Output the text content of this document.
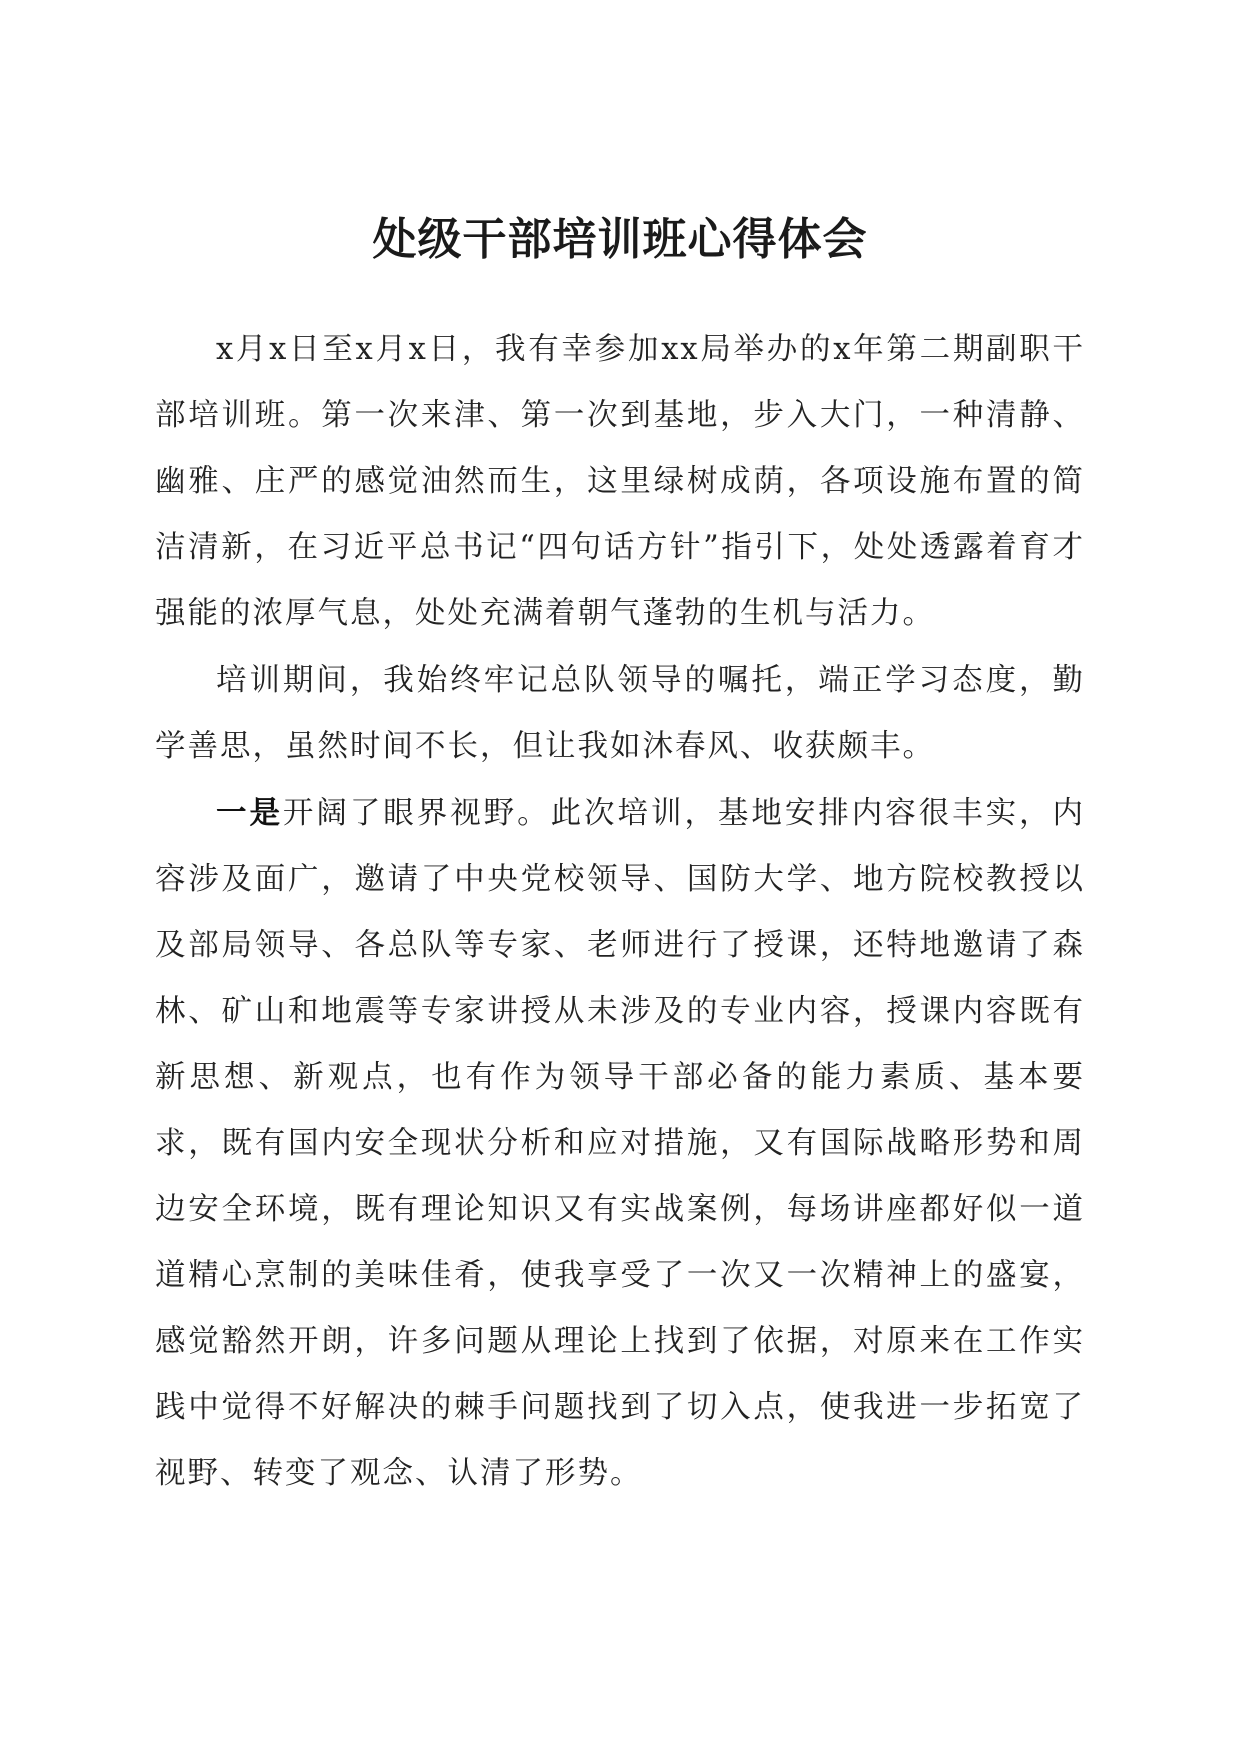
处级干部培训班心得体会

x月x日至x月x日，我有幸参加xx局举办的x年第二期副职干部培训班。第一次来津、第一次到基地，步入大门，一种清静、幽雅、庄严的感觉油然而生，这里绿树成荫，各项设施布置的简洁清新，在习近平总书记“四句话方针”指引下，处处透露着育才强能的浓厚气息，处处充满着朝气蓬勃的生机与活力。

培训期间，我始终牢记总队领导的嘱托，端正学习态度，勤学善思，虽然时间不长，但让我如沐春风、收获颇丰。

一是开阔了眼界视野。此次培训，基地安排内容很丰实，内容涉及面广，邀请了中央党校领导、国防大学、地方院校教授以及部局领导、各总队等专家、老师进行了授课，还特地邀请了森林、矿山和地震等专家讲授从未涉及的专业内容，授课内容既有新思想、新观点，也有作为领导干部必备的能力素质、基本要求，既有国内安全现状分析和应对措施，又有国际战略形势和周边安全环境，既有理论知识又有实战案例，每场讲座都好似一道道精心烹制的美味佳肴，使我享受了一次又一次精神上的盛宴，感觉豁然开朗，许多问题从理论上找到了依据，对原来在工作实践中觉得不好解决的棘手问题找到了切入点，使我进一步拓宽了视野、转变了观念、认清了形势。
